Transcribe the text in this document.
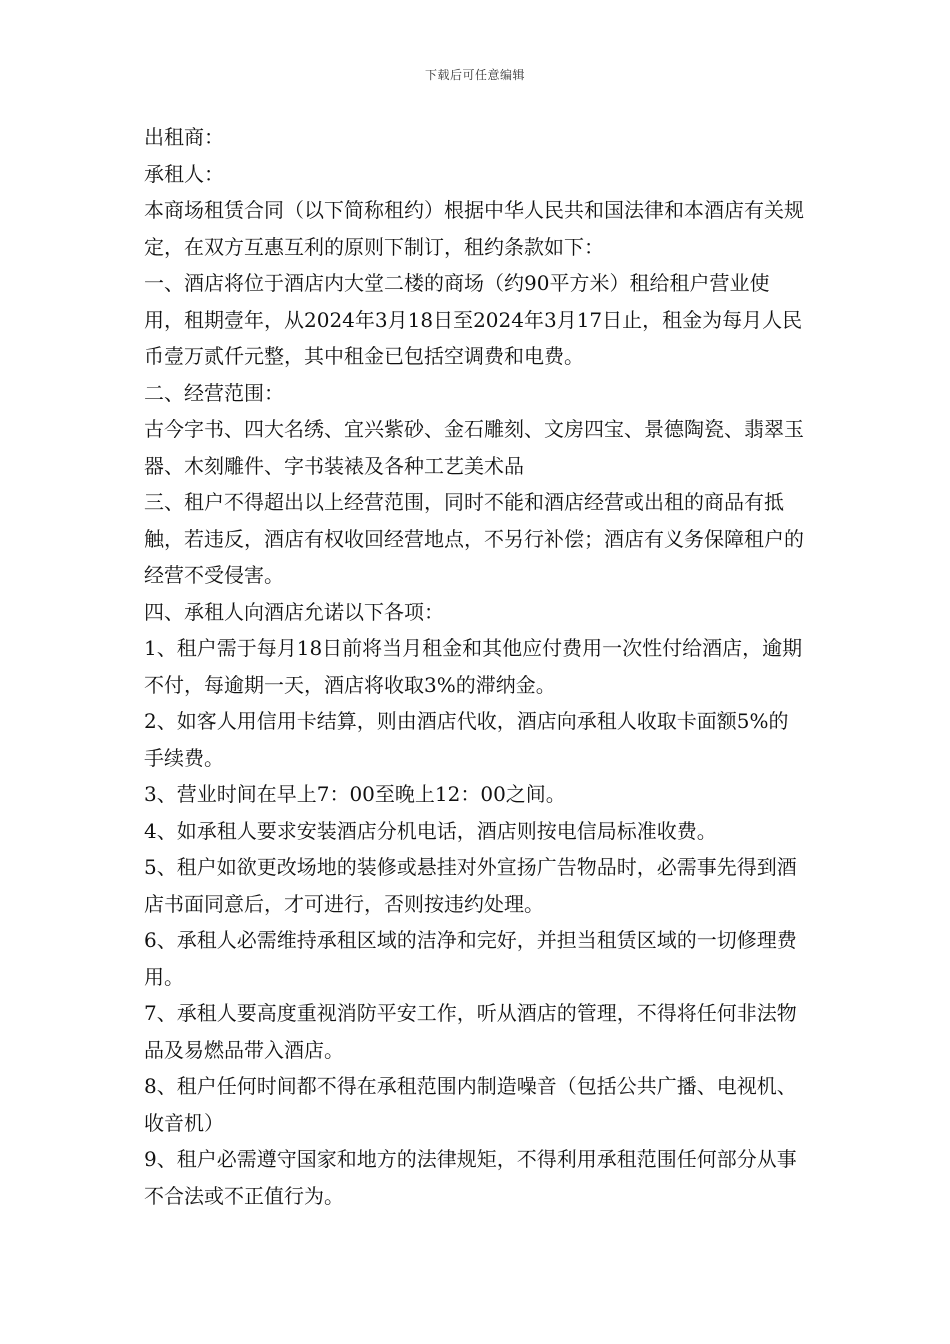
下载后可任意编辑

出租商：

承租人：

本商场租赁合同（以下简称租约）根据中华人民共和国法律和本酒店有关规定，在双方互惠互利的原则下制订，租约条款如下：

一、酒店将位于酒店内大堂二楼的商场（约90平方米）租给租户营业使用，租期壹年，从2024年3月18日至2024年3月17日止，租金为每月人民币壹万贰仟元整，其中租金已包括空调费和电费。

二、经营范围：

古今字书、四大名绣、宜兴紫砂、金石雕刻、文房四宝、景德陶瓷、翡翠玉器、木刻雕件、字书装裱及各种工艺美术品

三、租户不得超出以上经营范围，同时不能和酒店经营或出租的商品有抵触，若违反，酒店有权收回经营地点，不另行补偿；酒店有义务保障租户的经营不受侵害。

四、承租人向酒店允诺以下各项：

1、租户需于每月18日前将当月租金和其他应付费用一次性付给酒店，逾期不付，每逾期一天，酒店将收取3%的滞纳金。

2、如客人用信用卡结算，则由酒店代收，酒店向承租人收取卡面额5%的手续费。

3、营业时间在早上7：00至晚上12：00之间。

4、如承租人要求安装酒店分机电话，酒店则按电信局标准收费。

5、租户如欲更改场地的装修或悬挂对外宣扬广告物品时，必需事先得到酒店书面同意后，才可进行，否则按违约处理。

6、承租人必需维持承租区域的洁净和完好，并担当租赁区域的一切修理费用。

7、承租人要高度重视消防平安工作，听从酒店的管理，不得将任何非法物品及易燃品带入酒店。

8、租户任何时间都不得在承租范围内制造噪音（包括公共广播、电视机、收音机）

9、租户必需遵守国家和地方的法律规矩，不得利用承租范围任何部分从事不合法或不正值行为。
